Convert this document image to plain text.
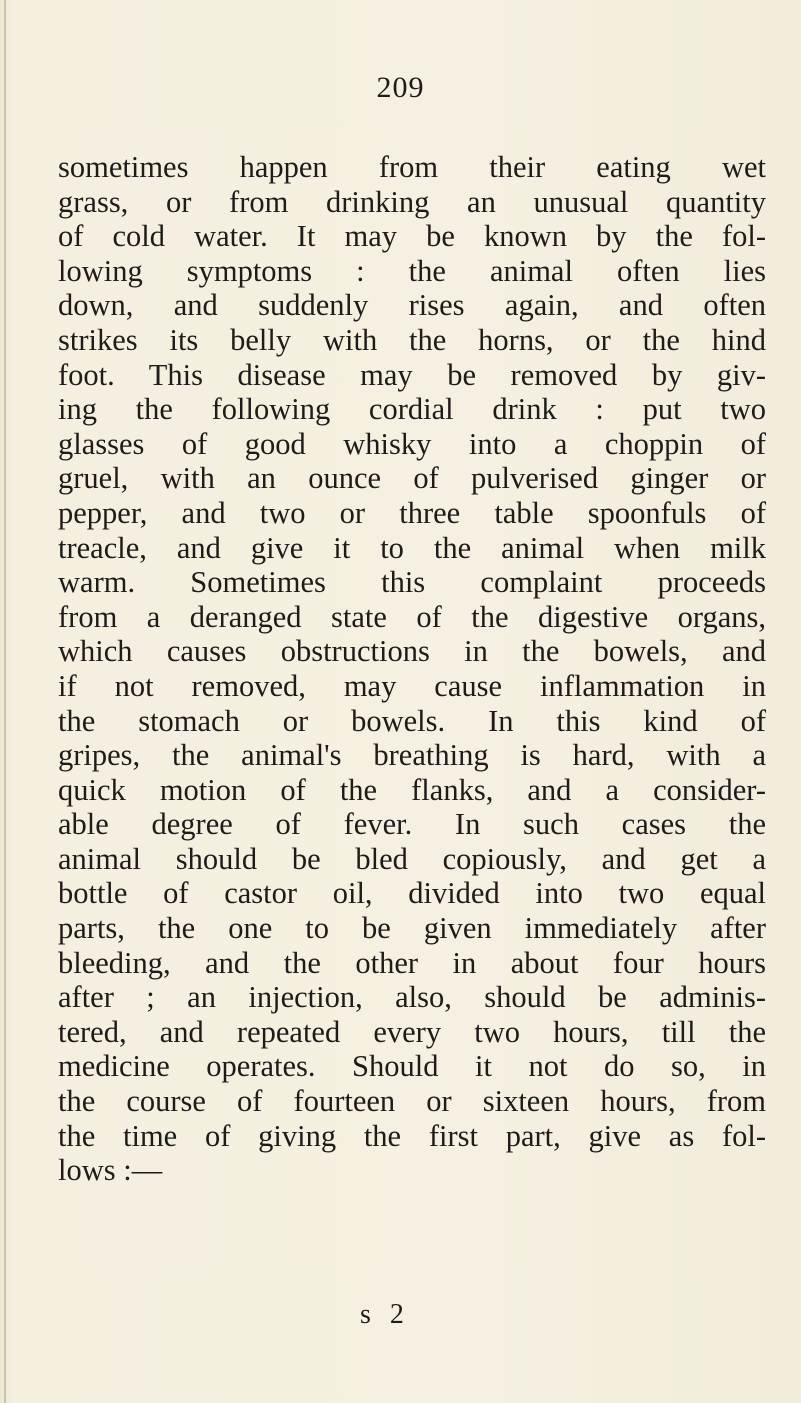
209
sometimes happen from their eating wet
grass, or from drinking an unusual quantity
of cold water. It may be known by the fol-
lowing symptoms : the animal often lies
down, and suddenly rises again, and often
strikes its belly with the horns, or the hind
foot. This disease may be removed by giv-
ing the following cordial drink : put two
glasses of good whisky into a choppin of
gruel, with an ounce of pulverised ginger or
pepper, and two or three table spoonfuls of
treacle, and give it to the animal when milk
warm. Sometimes this complaint proceeds
from a deranged state of the digestive organs,
which causes obstructions in the bowels, and
if not removed, may cause inflammation in
the stomach or bowels. In this kind of
gripes, the animal's breathing is hard, with a
quick motion of the flanks, and a consider-
able degree of fever. In such cases the
animal should be bled copiously, and get a
bottle of castor oil, divided into two equal
parts, the one to be given immediately after
bleeding, and the other in about four hours
after ; an injection, also, should be adminis-
tered, and repeated every two hours, till the
medicine operates. Should it not do so, in
the course of fourteen or sixteen hours, from
the time of giving the first part, give as fol-
lows :—
s 2
